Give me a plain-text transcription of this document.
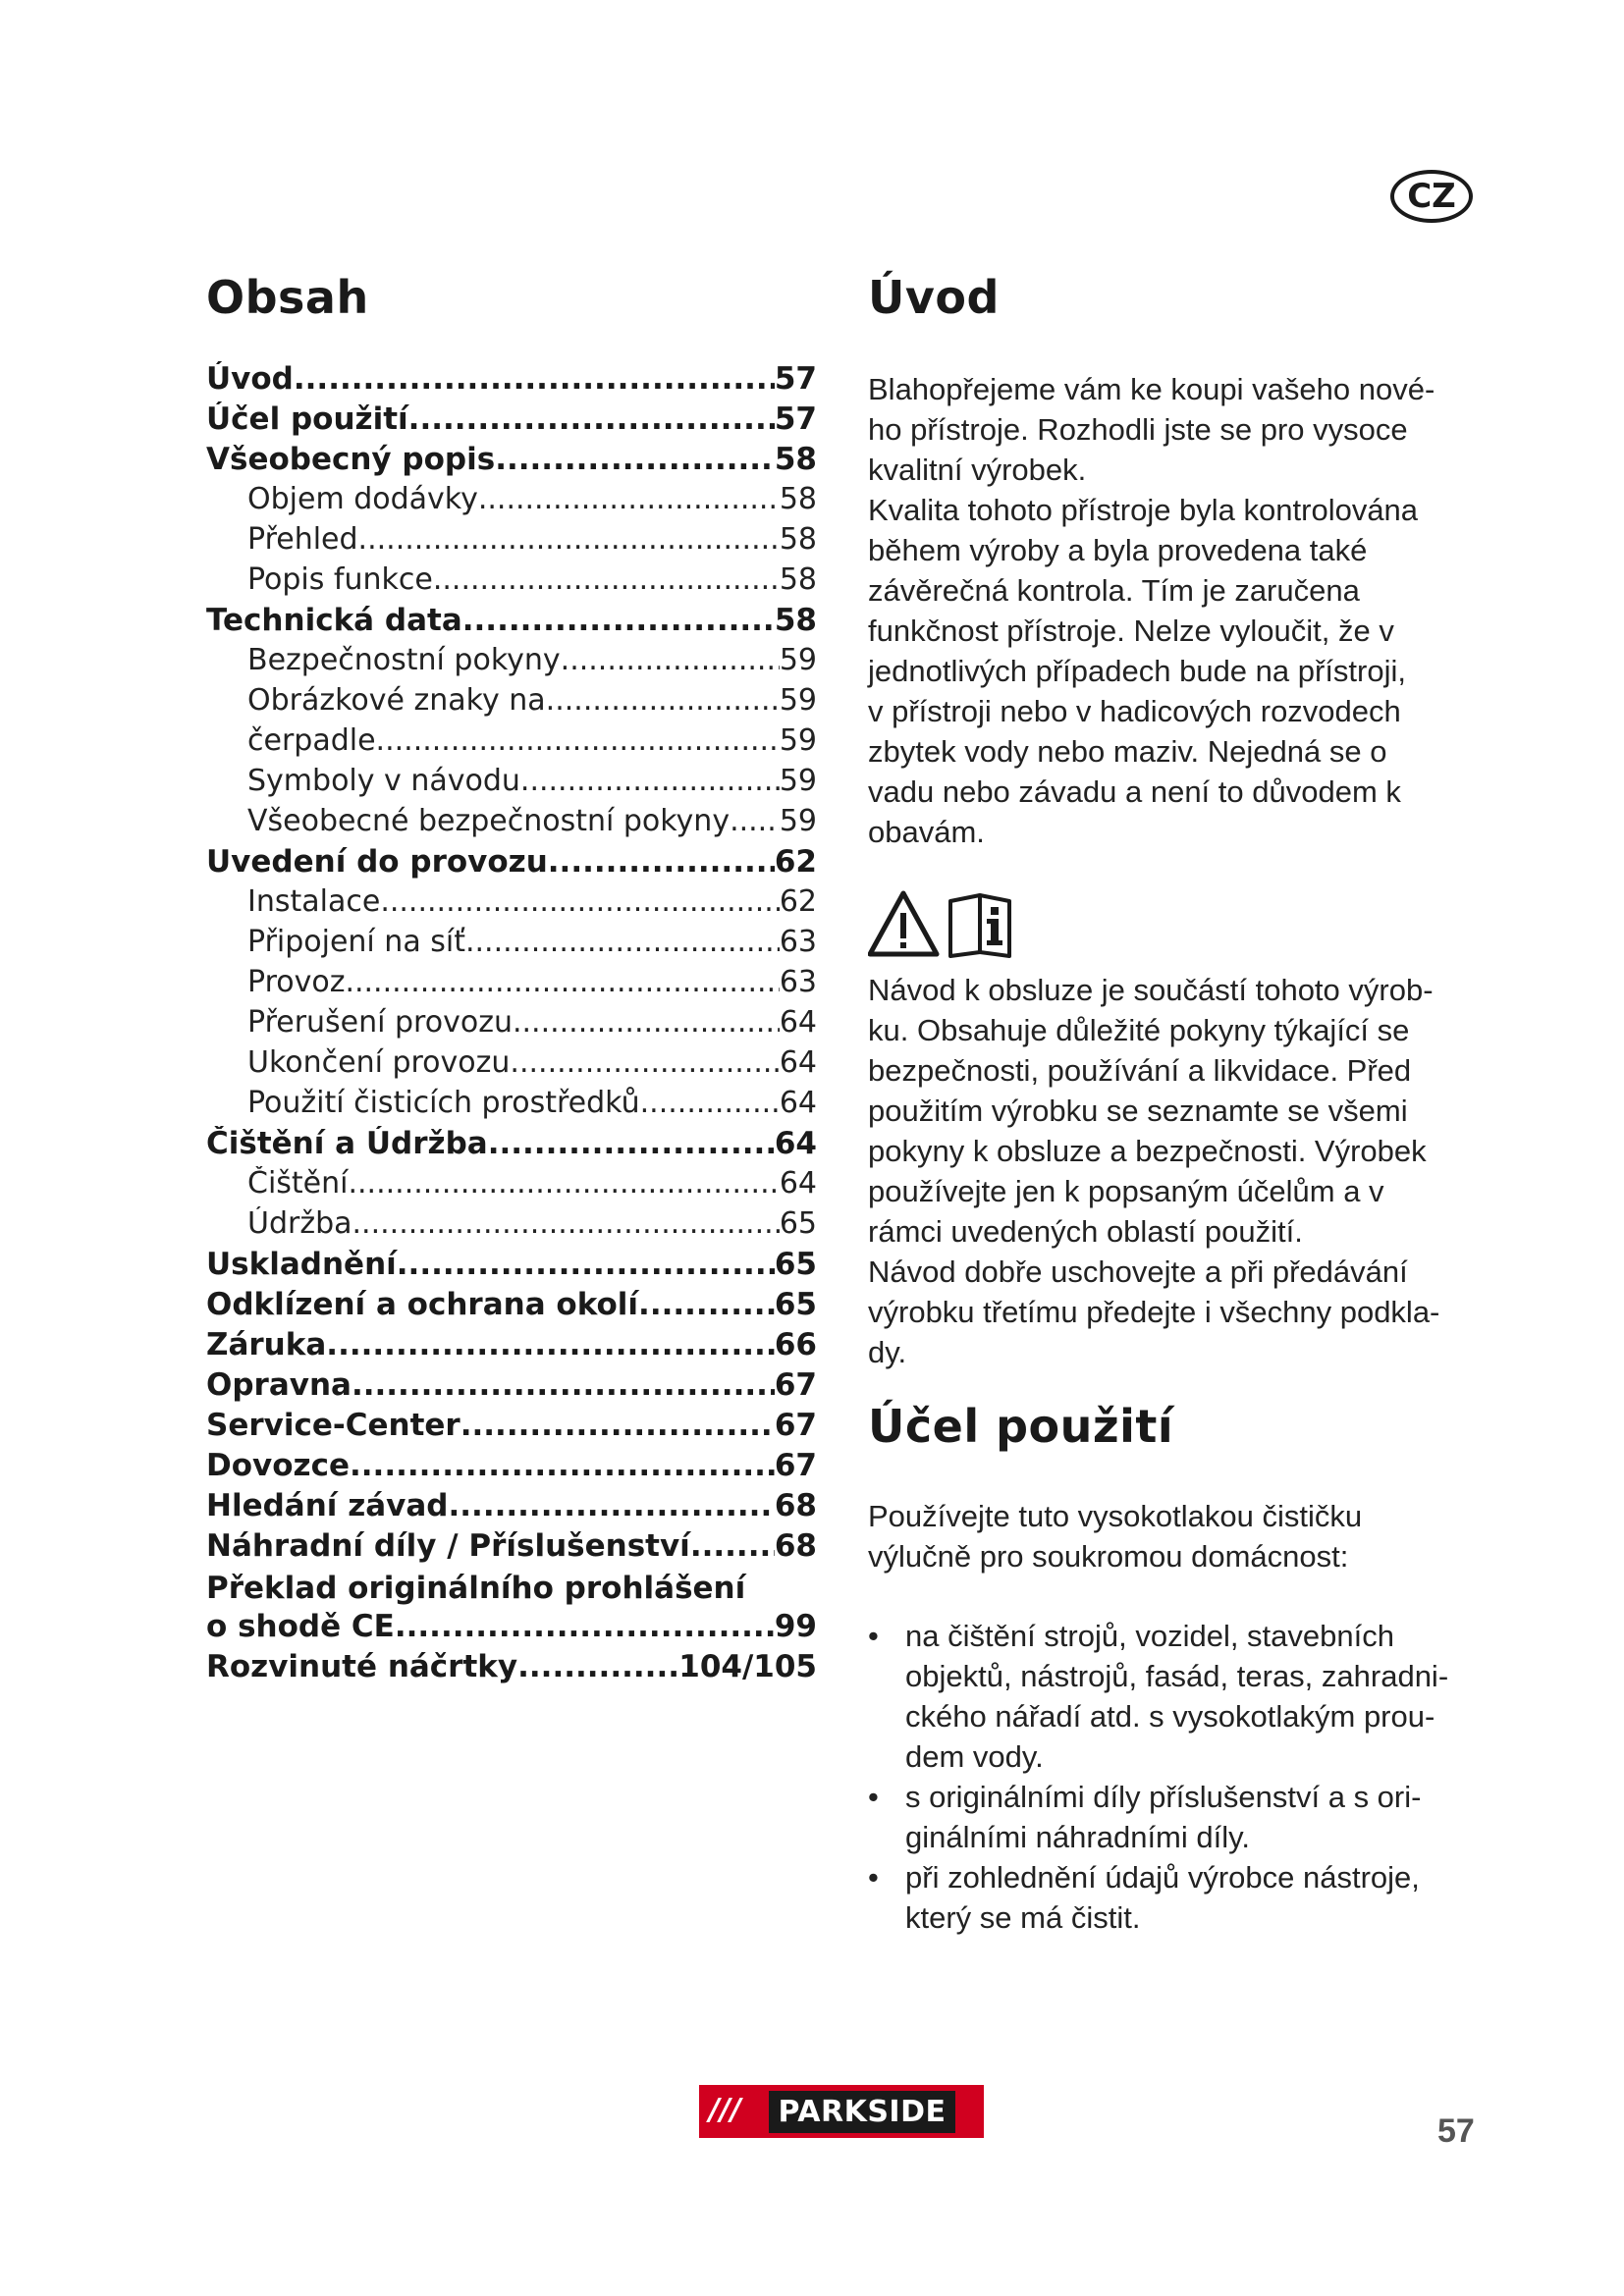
CZ
Obsah
Úvod .....	57
Účel použití .....	57
Všeobecný popis .....	58
Objem dodávky .....	58
Přehled .....	58
Popis funkce .....	58
Technická data .....	58
Bezpečnostní pokyny .....	59
Obrázkové znaky na .....	59
čerpadle .....	59
Symboly v návodu .....	59
Všeobecné bezpečnostní pokyny ..... 59
Uvedení do provozu .....	62
Instalace .....	62
Připojení na síť .....	63
Provoz .....	63
Přerušení provozu .....	64
Ukončení provozu .....	64
Použití čisticích prostředků .....	64
Čištění a Údržba .....	64
Čištění .....	64
Údržba .....	65
Uskladnění .....	65
Odklízení a ochrana okolí .....	65
Záruka .....	66
Opravna .....	67
Service-Center .....	67
Dovozce .....	67
Hledání závad .....	68
Náhradní díly / Příslušenství .....	68
Překlad originálního prohlášení
o shodě CE .....	99
Rozvinuté náčrtky .....	104/105
Úvod

Blahopřejeme vám ke koupi vašeho nové-

ho přístroje. Rozhodli jste se pro vysoce

kvalitní výrobek.

Kvalita tohoto přístroje byla kontrolována

během výroby a byla provedena také

závěrečná kontrola. Tím je zaručena

funkčnost přístroje. Nelze vyloučit, že v

jednotlivých případech bude na přístroji,

v přístroji nebo v hadicových rozvodech

zbytek vody nebo maziv. Nejedná se o

vadu nebo závadu a není to důvodem k

obavám.

Návod k obsluze je součástí tohoto výrob-

ku. Obsahuje důležité pokyny týkající se

bezpečnosti, používání a likvidace. Před

použitím výrobku se seznamte se všemi

pokyny k obsluze a bezpečnosti. Výrobek

používejte jen k popsaným účelům a v

rámci uvedených oblastí použití.

Návod dobře uschovejte a při předávání

výrobku třetímu předejte i všechny podkla-

dy.

Účel použití

Používejte tuto vysokotlakou čističku

výlučně pro soukromou domácnost:

• na čištění strojů, vozidel, stavebních
objektů, nástrojů, fasád, teras, zahradni-
ckého nářadí atd. s vysokotlakým prou-
dem vody.
• s originálními díly příslušenství a s ori-
ginálními náhradními díly.
• při zohlednění údajů výrobce nástroje,
který se má čistit.
///	PARKSIDE
57
